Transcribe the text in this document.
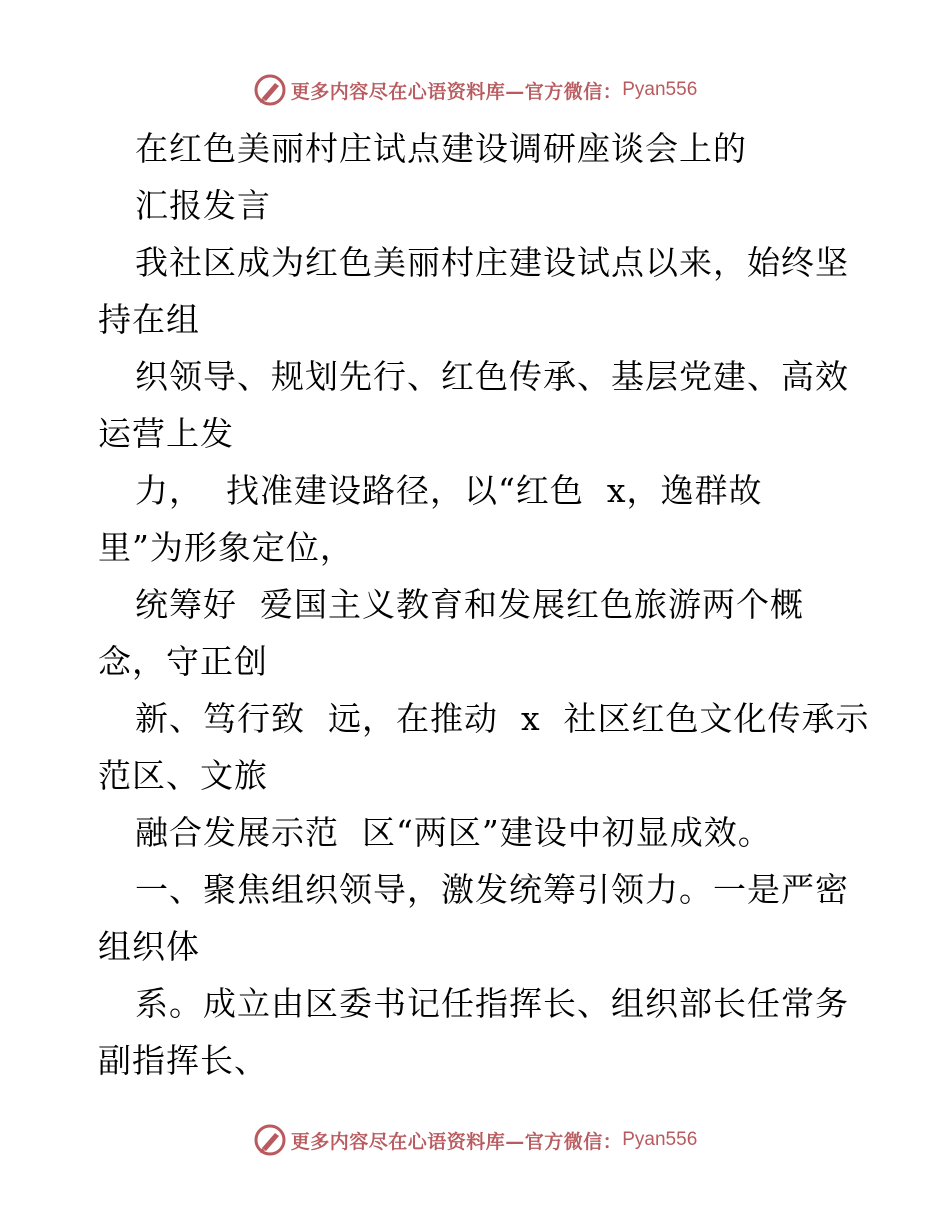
更多内容尽在心语资料库—官方微信： Pyan556
在红色美丽村庄试点建设调研座谈会上的
汇报发言
我社区成为红色美丽村庄建设试点以来，始终坚
持在组
织领导、规划先行、红色传承、基层党建、高效
运营上发
力，  找准建设路径，以“红色  x，逸群故
里”为形象定位，
统筹好  爱国主义教育和发展红色旅游两个概
念，守正创
新、笃行致  远，在推动  x  社区红色文化传承示
范区、文旅
融合发展示范  区“两区”建设中初显成效。
一、聚焦组织领导，激发统筹引领力。一是严密
组织体
系。成立由区委书记任指挥长、组织部长任常务
副指挥长、
更多内容尽在心语资料库—官方微信： Pyan556
